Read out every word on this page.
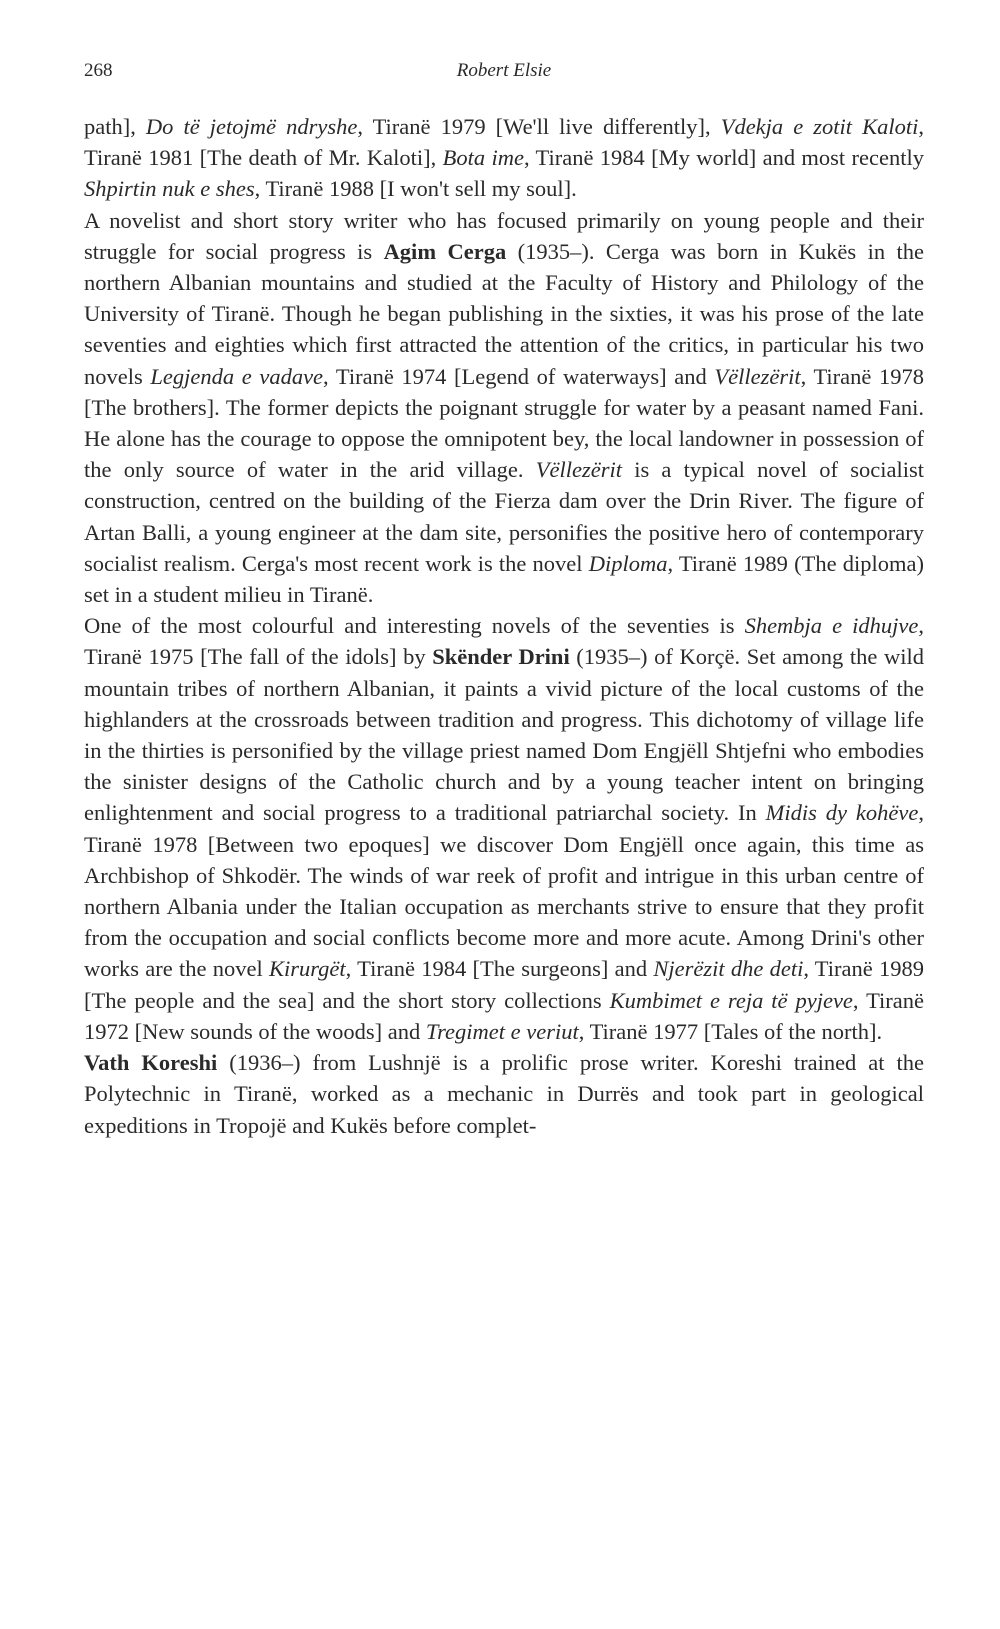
268	Robert Elsie

path], Do të jetojmë ndryshe, Tiranë 1979 [We'll live differently], Vdekja e zotit Kaloti, Tiranë 1981 [The death of Mr. Kaloti], Bota ime, Tiranë 1984 [My world] and most recently Shpirtin nuk e shes, Tiranë 1988 [I won't sell my soul].

A novelist and short story writer who has focused primarily on young people and their struggle for social progress is Agim Cerga (1935–). Cerga was born in Kukës in the northern Albanian mountains and studied at the Faculty of History and Philology of the University of Tiranë. Though he began publishing in the sixties, it was his prose of the late seventies and eighties which first attracted the attention of the critics, in particular his two novels Legjenda e vadave, Tiranë 1974 [Legend of waterways] and Vëllezërit, Tiranë 1978 [The brothers]. The former depicts the poignant struggle for water by a peasant named Fani. He alone has the courage to oppose the omnipotent bey, the local landowner in possession of the only source of water in the arid village. Vëllezërit is a typical novel of socialist construction, centred on the building of the Fierza dam over the Drin River. The figure of Artan Balli, a young engineer at the dam site, personifies the positive hero of contemporary socialist realism. Cerga's most recent work is the novel Diploma, Tiranë 1989 (The diploma) set in a student milieu in Tiranë.

One of the most colourful and interesting novels of the seventies is Shembja e idhujve, Tiranë 1975 [The fall of the idols] by Skënder Drini (1935–) of Korçë. Set among the wild mountain tribes of northern Albanian, it paints a vivid picture of the local customs of the highlanders at the crossroads between tradition and progress. This dichotomy of village life in the thirties is personified by the village priest named Dom Engjëll Shtjefni who embodies the sinister designs of the Catholic church and by a young teacher intent on bringing enlightenment and social progress to a traditional patriarchal society. In Midis dy kohëve, Tiranë 1978 [Between two epoques] we discover Dom Engjëll once again, this time as Archbishop of Shkodër. The winds of war reek of profit and intrigue in this urban centre of northern Albania under the Italian occupation as merchants strive to ensure that they profit from the occupation and social conflicts become more and more acute. Among Drini's other works are the novel Kirurgët, Tiranë 1984 [The surgeons] and Njerëzit dhe deti, Tiranë 1989 [The people and the sea] and the short story collections Kumbimet e reja të pyjeve, Tiranë 1972 [New sounds of the woods] and Tregimet e veriut, Tiranë 1977 [Tales of the north].

Vath Koreshi (1936–) from Lushnjë is a prolific prose writer. Koreshi trained at the Polytechnic in Tiranë, worked as a mechanic in Durrës and took part in geological expeditions in Tropojë and Kukës before complet-
